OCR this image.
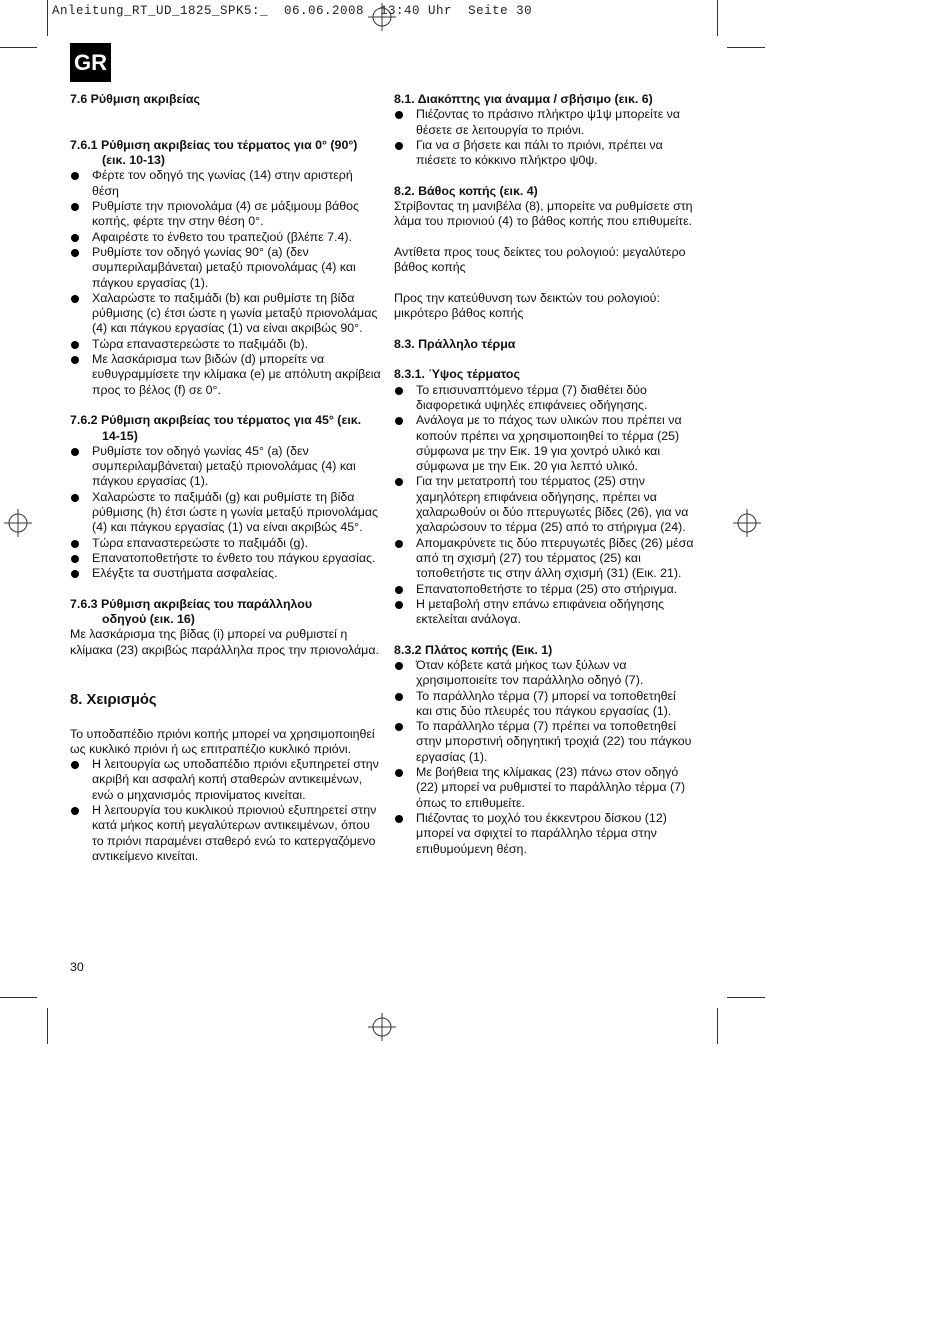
Anleitung_RT_UD_1825_SPK5:_  06.06.2008  13:40 Uhr  Seite 30
GR
7.6 Ρύθμιση ακριβείας
7.6.1 Ρύθμιση ακριβείας του τέρματος για 0° (90°) (εικ. 10-13)
Φέρτε τον οδηγό της γωνίας (14) στην αριστερή θέση
Ρυθμίστε την πριονολάμα (4) σε μάξιμουμ βάθος κοπής, φέρτε την στην θέση 0°.
Αφαιρέστε το ένθετο του τραπεζιού (βλέπε 7.4).
Ρυθμίστε τον οδηγό γωνίας 90° (a) (δεν συμπεριλαμβάνεται) μεταξύ πριονολάμας (4) και πάγκου εργασίας (1).
Χαλαρώστε το παξιμάδι (b) και ρυθμίστε τη βίδα ρύθμισης (c) έτσι ώστε η γωνία μεταξύ πριονολάμας (4) και πάγκου εργασίας (1) να είναι ακριβώς 90°.
Τώρα επαναστερεώστε το παξιμάδι (b).
Με λασκάρισμα των βιδών (d) μπορείτε να ευθυγραμμίσετε την κλίμακα (e) με απόλυτη ακρίβεια προς το βέλος (f) σε 0°.
7.6.2 Ρύθμιση ακριβείας του τέρματος για 45° (εικ. 14-15)
Ρυθμίστε τον οδηγό γωνίας 45° (a) (δεν συμπεριλαμβάνεται) μεταξύ πριονολάμας (4) και πάγκου εργασίας (1).
Χαλαρώστε το παξιμάδι (g) και ρυθμίστε τη βίδα ρύθμισης (h) έτσι ώστε η γωνία μεταξύ πριονολάμας (4) και πάγκου εργασίας (1) να είναι ακριβώς 45°.
Τώρα επαναστερεώστε το παξιμάδι (g).
Επανατοποθετήστε το ένθετο του πάγκου εργασίας.
Ελέγξτε τα συστήματα ασφαλείας.
7.6.3 Ρύθμιση ακριβείας του παράλληλου
οδηγού (εικ. 16)
Με λασκάρισμα της βίδας (i) μπορεί να ρυθμιστεί η κλίμακα (23) ακριβώς παράλληλα προς την πριονολάμα.
8. Χειρισμός
Το υποδαπέδιο πριόνι κοπής μπορεί να χρησιμοποιηθεί ως κυκλικό πριόνι ή ως επιτραπέζιο κυκλικό πριόνι.
Η λειτουργία ως υποδαπέδιο πριόνι εξυπηρετεί στην ακριβή και ασφαλή κοπή σταθερών αντικειμένων, ενώ ο μηχανισμός πριονίματος κινείται.
Η λειτουργία του κυκλικού πριονιού εξυπηρετεί στην κατά μήκος κοπή μεγαλύτερων αντικειμένων, όπου το πριόνι παραμένει σταθερό ενώ το κατεργαζόμενο αντικείμενο κινείται.
8.1. Διακόπτης για άναμμα / σβήσιμο (εικ. 6)
Πιέζοντας το πράσινο πλήκτρο ψ1ψ μπορείτε να θέσετε σε λειτουργία το πριόνι.
Για να σ βήσετε και πάλι το πριόνι, πρέπει να πιέσετε το κόκκινο πλήκτρο ψ0ψ.
8.2. Βάθος κοπής (εικ. 4)
Στρίβοντας τη μανιβέλα (8), μπορείτε να ρυθμίσετε στη λάμα του πριονιού (4) το βάθος κοπής που επιθυμείτε.
Αντίθετα προς τους δείκτες του ρολογιού: μεγαλύτερο βάθος κοπής
Προς την κατεύθυνση των δεικτών του ρολογιού: μικρότερο βάθος κοπής
8.3. Πράλληλο τέρμα
8.3.1. Ύψος τέρματος
Το επισυναπτόμενο τέρμα (7) διαθέτει δύο διαφορετικά υψηλές επιφάνειες οδήγησης.
Ανάλογα με το πάχος των υλικών που πρέπει να κοπούν πρέπει να χρησιμοποιηθεί το τέρμα (25) σύμφωνα με την Εικ. 19 για χοντρό υλικό και σύμφωνα με την Εικ. 20 για λεπτό υλικό.
Για την μετατροπή του τέρματος (25) στην χαμηλότερη επιφάνεια οδήγησης, πρέπει να χαλαρωθούν οι δύο πτερυγωτές βίδες (26), για να χαλαρώσουν το τέρμα (25) από το στήριγμα (24).
Απομακρύνετε τις δύο πτερυγωτές βίδες (26) μέσα από τη σχισμή (27) του τέρματος (25) και τοποθετήστε τις στην άλλη σχισμή (31) (Εικ. 21).
Επανατοποθετήστε το τέρμα (25) στο στήριγμα.
Η μεταβολή στην επάνω επιφάνεια οδήγησης εκτελείται ανάλογα.
8.3.2 Πλάτος κοπής (Εικ. 1)
Όταν κόβετε κατά μήκος των ξύλων να χρησιμοποιείτε τον παράλληλο οδηγό (7).
Το παράλληλο τέρμα (7) μπορεί να τοποθετηθεί και στις δύο πλευρές του πάγκου εργασίας (1).
Το παράλληλο τέρμα (7) πρέπει να τοποθετηθεί στην μπορστινή οδηγητική τροχιά (22) του πάγκου εργασίας (1).
Με βοήθεια της κλίμακας (23) πάνω στον οδηγό (22) μπορεί να ρυθμιστεί το παράλληλο τέρμα (7) όπως το επιθυμείτε.
Πιέζοντας το μοχλό του έκκεντρου δίσκου (12) μπορεί να σφιχτεί το παράλληλο τέρμα στην επιθυμούμενη θέση.
30
